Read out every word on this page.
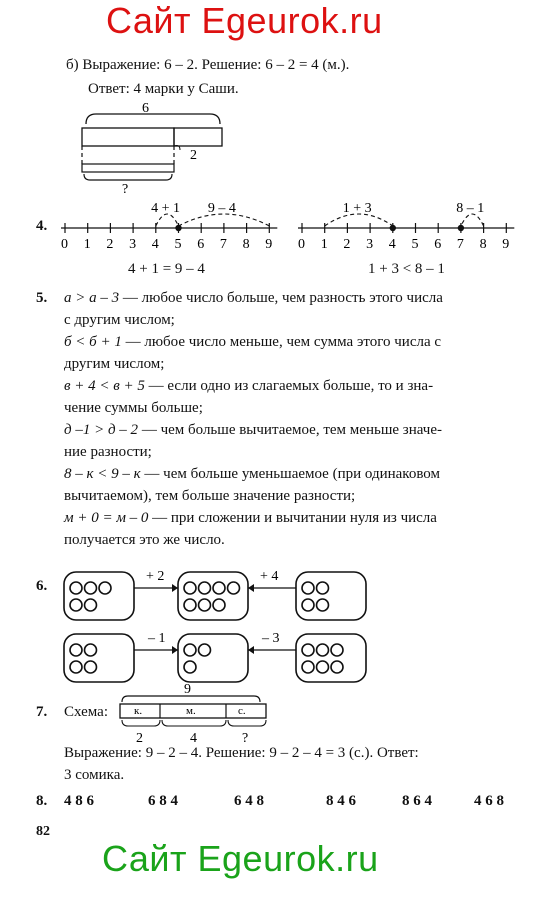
Сайт Egeurok.ru
Сайт Egeurok.ru
б) Выражение: 6 – 2. Решение: 6 – 2 = 4 (м.).
Ответ: 4 марки у Саши.
6
2
?
4.
0 1 2 3 4 5 6 7 8 9
4 + 1 9 – 4
0 1 2 3 4 5 6 7 8 9
1 + 3	8 – 1
4 + 1 = 9 – 4	1 + 3 < 8 – 1
5. а > а – 3 — любое число больше, чем разность этого числа
с другим числом;
б < б + 1 — любое число меньше, чем сумма этого числа с
другим числом;
в + 4 < в + 5 — если одно из слагаемых больше, то и зна-
чение суммы больше;
д –1 > д – 2 — чем больше вычитаемое, тем меньше значе-
ние разности;
8 – к < 9 – к — чем больше уменьшаемое (при одинаковом
вычитаемом), тем больше значение разности;
м + 0 = м – 0 — при сложении и вычитании нуля из числа
получается это же число.
6.
+ 2	+ 4
– 1	– 3
7. Схема:
9
к.	м.	с.
2	4	?
Выражение: 9 – 2 – 4. Решение: 9 – 2 – 4 = 3 (с.). Ответ:
3 сомика.
8. 4 8 6	6 8 4	6 4 8	8 4 6	8 6 4	4 6 8
82
